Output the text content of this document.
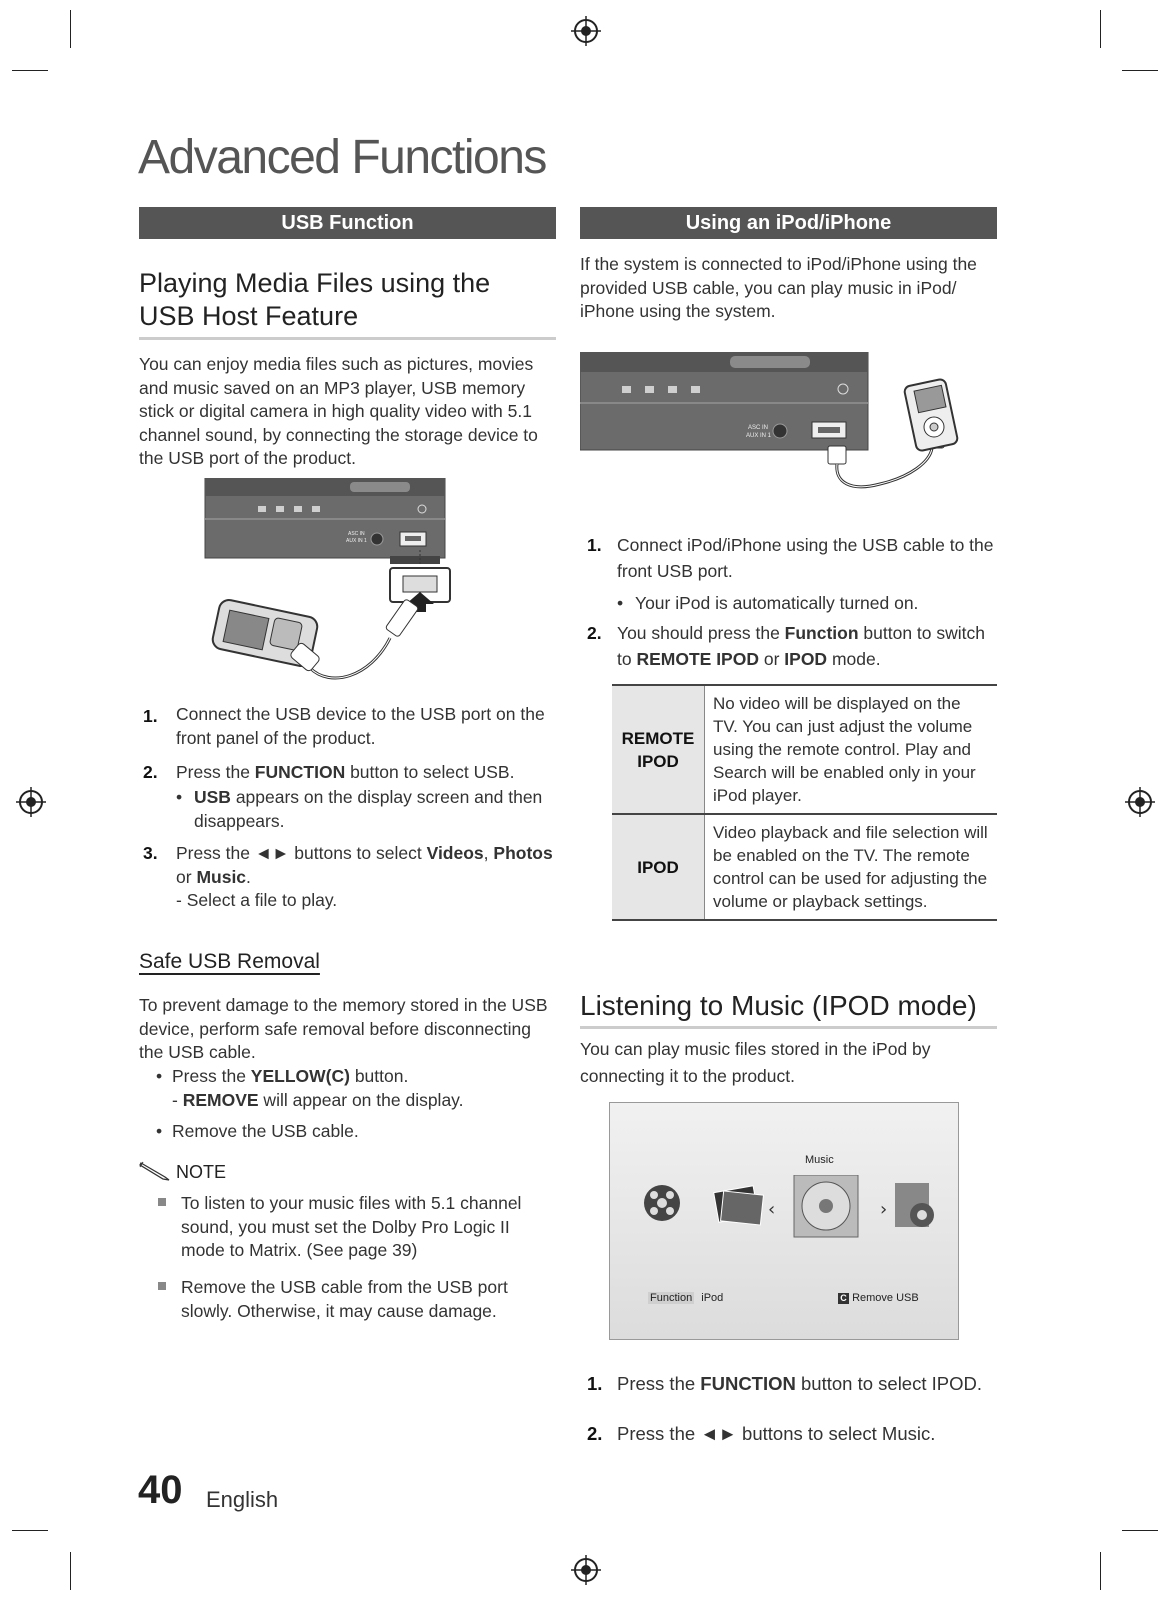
Advanced Functions
USB Function
Playing Media Files using the
USB Host Feature
You can enjoy media files such as pictures, movies and music saved on an MP3 player, USB memory stick or digital camera in high quality video with 5.1 channel sound, by connecting the storage device to the USB port of the product.
ASC IN
AUX IN 1
1. Connect the USB device to the USB port on the front panel of the product.
2. Press the FUNCTION button to select USB.
• USB appears on the display screen and then disappears.
3. Press the ◄► buttons to select Videos, Photos or Music.
- Select a file to play.
Safe USB Removal
To prevent damage to the memory stored in the USB device, perform safe removal before disconnecting the USB cable.
• Press the YELLOW(C) button.
- REMOVE will appear on the display.
• Remove the USB cable.
NOTE
To listen to your music files with 5.1 channel sound, you must set the Dolby Pro Logic II mode to Matrix. (See page 39)
Remove the USB cable from the USB port slowly. Otherwise, it may cause damage.
Using an iPod/iPhone
If the system is connected to iPod/iPhone using the provided USB cable, you can play music in iPod/ iPhone using the system.
ASC IN
AUX IN 1
1. Connect iPod/iPhone using the USB cable to the front USB port.
• Your iPod is automatically turned on.
2. You should press the Function button to switch to REMOTE IPOD or IPOD mode.
REMOTE IPOD	No video will be displayed on the TV. You can just adjust the volume using the remote control. Play and Search will be enabled only in your iPod player.
IPOD	Video playback and file selection will be enabled on the TV. The remote control can be used for adjusting the volume or playback settings.
Listening to Music (IPOD mode)
You can play music files stored in the iPod by connecting it to the product.
Music
‹	›
Function iPod	C Remove USB
1. Press the FUNCTION button to select IPOD.
2. Press the ◄► buttons to select Music.
40 English
